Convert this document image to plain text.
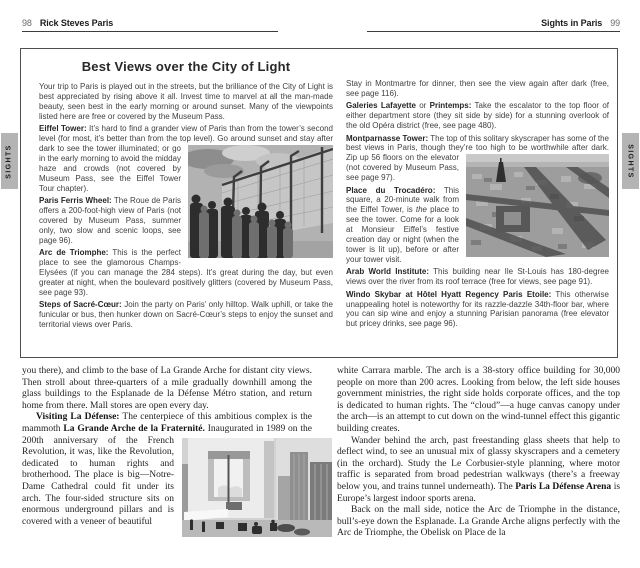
98 Rick Steves Paris	Sights in Paris 99
SIGHTS	SIGHTS
Best Views over the City of Light

Your trip to Paris is played out in the streets, but the brilliance of the City of Light is best appreciated by rising above it all. Invest time to marvel at all the man-made beauty, seen best in the early morning or around sunset. Many of the viewpoints listed here are free or covered by the Museum Pass.

Eiffel Tower: It’s hard to find a grander view of Paris than from the tower’s second level (for most, it’s better than from the top level). Go around sunset and stay after dark to see the tower illuminated; or go in the early morning to avoid the midday haze and crowds (not covered by Museum Pass, see the Eiffel Tower Tour chapter).

Paris Ferris Wheel: The Roue de Paris offers a 200-foot-high view of Paris (not covered by Museum Pass, summer only, two slow and scenic loops, see page 96).

Arc de Triomphe: This is the perfect place to see the glamorous Champs-Elysées (if you can manage the 284 steps). It’s great during the day, but even greater at night, when the boulevard positively glitters (covered by Museum Pass, see page 93).

Steps of Sacré-Cœur: Join the party on Paris’ only hilltop. Walk uphill, or take the funicular or bus, then hunker down on Sacré-Cœur’s steps to enjoy the sunset and territorial views over Paris.

Stay in Montmartre for dinner, then see the view again after dark (free, see page 116).

Galeries Lafayette or Printemps: Take the escalator to the top floor of either department store (they sit side by side) for a stunning overlook of the old Opéra district (free, see page 480).

Montparnasse Tower: The top of this solitary skyscraper has some of the best views in Paris, though they’re too high to be worthwhile after dark. Zip up 56 floors on the elevator
(not covered by Museum Pass, see page 97).

Place du Trocadéro: This square, a 20-minute walk from the Eiffel Tower, is the place to see the tower. Come for a look at Monsieur Eiffel’s festive creation day or night (when the tower is lit up), before or after your tower visit.

Arab World Institute: This building near Ile St-Louis has 180-degree views over the river from its roof terrace (free for views, see page 91).

Windo Skybar at Hôtel Hyatt Regency Paris Etoile: This otherwise unappealing hotel is noteworthy for its razzle-dazzle 34th-floor bar, where you can sip wine and enjoy a stunning Parisian panorama (free elevator but pricey drinks, see page 96).

you there), and climb to the base of La Grande Arche for distant city views. Then stroll about three-quarters of a mile gradually downhill among the glass buildings to the Esplanade de la Défense Métro station, and return home from there. Mall stores are open every day.

Visiting La Défense: The centerpiece of this ambitious complex is the mammoth La Grande Arche de la Fraternité. Inaugurated in 1989 on the 200th anniversary of the French Revolution, it was, like the Revolution, dedicated to human rights and brotherhood. The place is big—Notre-Dame Cathedral could fit under its arch. The four-sided structure sits on enormous underground pillars and is covered with a veneer of beautiful

white Carrara marble. The arch is a 38-story office building for 30,000 people on more than 200 acres. Looking from below, the left side houses government ministries, the right side holds corporate offices, and the top is dedicated to human rights. The “cloud”—a huge canvas canopy under the arch—is an attempt to cut down on the wind-tunnel effect this gigantic building creates.

Wander behind the arch, past freestanding glass sheets that help to deflect wind, to see an unusual mix of glassy skyscrapers and a cemetery (in the orchard). Study the Le Corbusier-style planning, where motor traffic is separated from broad pedestrian walkways (there’s a freeway below you, and trains tunnel underneath). The Paris La Défense Arena is Europe’s largest indoor sports arena.

Back on the mall side, notice the Arc de Triomphe in the distance, bull’s-eye down the Esplanade. La Grande Arche aligns perfectly with the Arc de Triomphe, the Obelisk on Place de la
